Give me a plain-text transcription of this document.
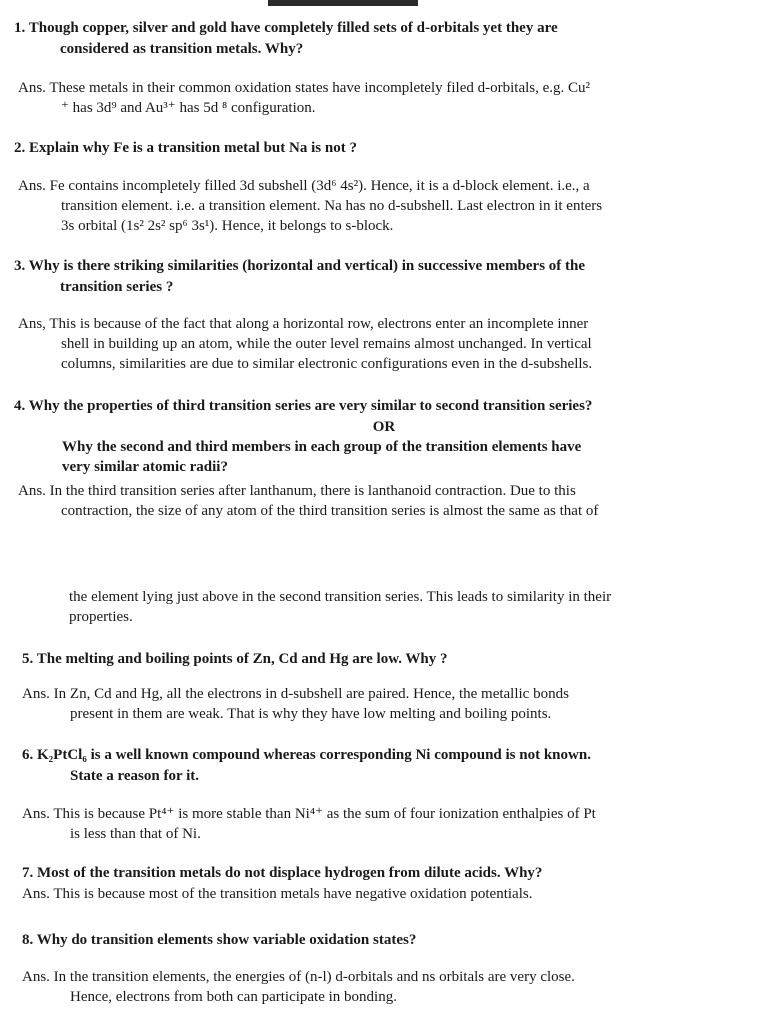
1. Though copper, silver and gold have completely filled sets of d-orbitals yet they are
considered as transition metals. Why?
Ans. These metals in their common oxidation states have incompletely filed d-orbitals, e.g. Cu²
⁺ has 3d⁹ and Au³⁺ has 5d ⁸ configuration.
2. Explain why Fe is a transition metal but Na is not ?
Ans. Fe contains incompletely filled 3d subshell (3d⁶ 4s²). Hence, it is a d-block element. i.e., a
transition element. i.e. a transition element. Na has no d-subshell. Last electron in it enters
3s orbital (1s² 2s² sp⁶ 3s¹). Hence, it belongs to s-block.
3. Why is there striking similarities (horizontal and vertical) in successive members of the
transition series ?
Ans, This is because of the fact that along a horizontal row, electrons enter an incomplete inner
shell in building up an atom, while the outer level remains almost unchanged. In vertical
columns, similarities are due to similar electronic configurations even in the d-subshells.
4. Why the properties of third transition series are very similar to second transition series?
OR
Why the second and third members in each group of the transition elements have
very similar atomic radii?
Ans. In the third transition series after lanthanum, there is lanthanoid contraction. Due to this
contraction, the size of any atom of the third transition series is almost the same as that of
the element lying just above in the second transition series. This leads to similarity in their
properties.
5. The melting and boiling points of Zn, Cd and Hg are low. Why ?
Ans. In Zn, Cd and Hg, all the electrons in d-subshell are paired. Hence, the metallic bonds
present in them are weak. That is why they have low melting and boiling points.
6. K₂PtCl₆ is a well known compound whereas corresponding Ni compound is not known.
State a reason for it.
Ans. This is because Pt⁴⁺ is more stable than Ni⁴⁺ as the sum of four ionization enthalpies of Pt
is less than that of Ni.
7. Most of the transition metals do not displace hydrogen from dilute acids. Why?
Ans. This is because most of the transition metals have negative oxidation potentials.
8. Why do transition elements show variable oxidation states?
Ans. In the transition elements, the energies of (n-l) d-orbitals and ns orbitals are very close.
Hence, electrons from both can participate in bonding.
